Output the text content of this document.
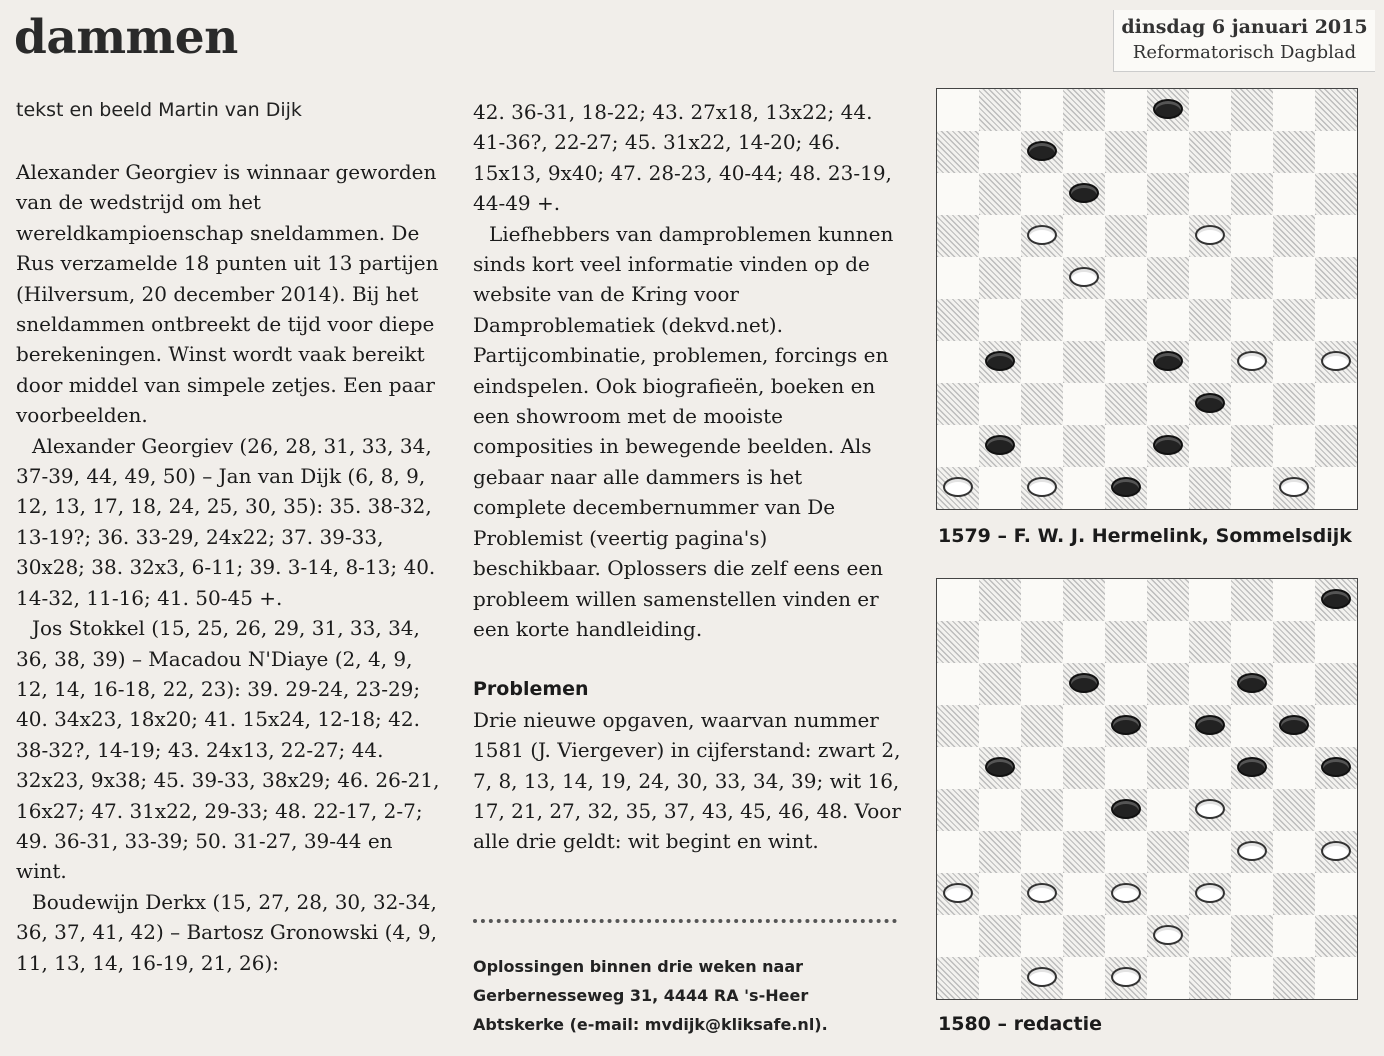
dammen
tekst en beeld Martin van Dijk
dinsdag 6 januari 2015
Reformatorisch Dagblad

Alexander Georgiev is winnaar geworden van de wedstrijd om het wereldkampioenschap sneldammen. De Rus verzamelde 18 punten uit 13 partijen (Hilversum, 20 december 2014). Bij het sneldammen ontbreekt de tijd voor diepe berekeningen. Winst wordt vaak bereikt door middel van simpele zetjes. Een paar voorbeelden.

Alexander Georgiev (26, 28, 31, 33, 34, 37-39, 44, 49, 50) – Jan van Dijk (6, 8, 9, 12, 13, 17, 18, 24, 25, 30, 35): 35. 38-32, 13-19?; 36. 33-29, 24x22; 37. 39-33, 30x28; 38. 32x3, 6-11; 39. 3-14, 8-13; 40. 14-32, 11-16; 41. 50-45 +.

Jos Stokkel (15, 25, 26, 29, 31, 33, 34, 36, 38, 39) – Macadou N'Diaye (2, 4, 9, 12, 14, 16-18, 22, 23): 39. 29-24, 23-29; 40. 34x23, 18x20; 41. 15x24, 12-18; 42. 38-32?, 14-19; 43. 24x13, 22-27; 44. 32x23, 9x38; 45. 39-33, 38x29; 46. 26-21, 16x27; 47. 31x22, 29-33; 48. 22-17, 2-7; 49. 36-31, 33-39; 50. 31-27, 39-44 en wint.

Boudewijn Derkx (15, 27, 28, 30, 32-34, 36, 37, 41, 42) – Bartosz Gronowski (4, 9, 11, 13, 14, 16-19, 21, 26):

42. 36-31, 18-22; 43. 27x18, 13x22; 44. 41-36?, 22-27; 45. 31x22, 14-20; 46. 15x13, 9x40; 47. 28-23, 40-44; 48. 23-19, 44-49 +.

Liefhebbers van damproblemen kunnen sinds kort veel informatie vinden op de website van de Kring voor Damproblematiek (dekvd.net). Partijcombinatie, problemen, forcings en eindspelen. Ook biografieën, boeken en een showroom met de mooiste composities in bewegende beelden. Als gebaar naar alle dammers is het complete decembernummer van De Problemist (veertig pagina's) beschikbaar. Oplossers die zelf eens een probleem willen samenstellen vinden er een korte handleiding.

Problemen

Drie nieuwe opgaven, waarvan nummer 1581 (J. Viergever) in cijferstand: zwart 2, 7, 8, 13, 14, 19, 24, 30, 33, 34, 39; wit 16, 17, 21, 27, 32, 35, 37, 43, 45, 46, 48. Voor alle drie geldt: wit begint en wint.

Oplossingen binnen drie weken naar Gerbernesseweg 31, 4444 RA 's-Heer Abtskerke (e-mail: mvdijk@kliksafe.nl).
1579 – F. W. J. Hermelink, Sommelsdijk
1580 – redactie
